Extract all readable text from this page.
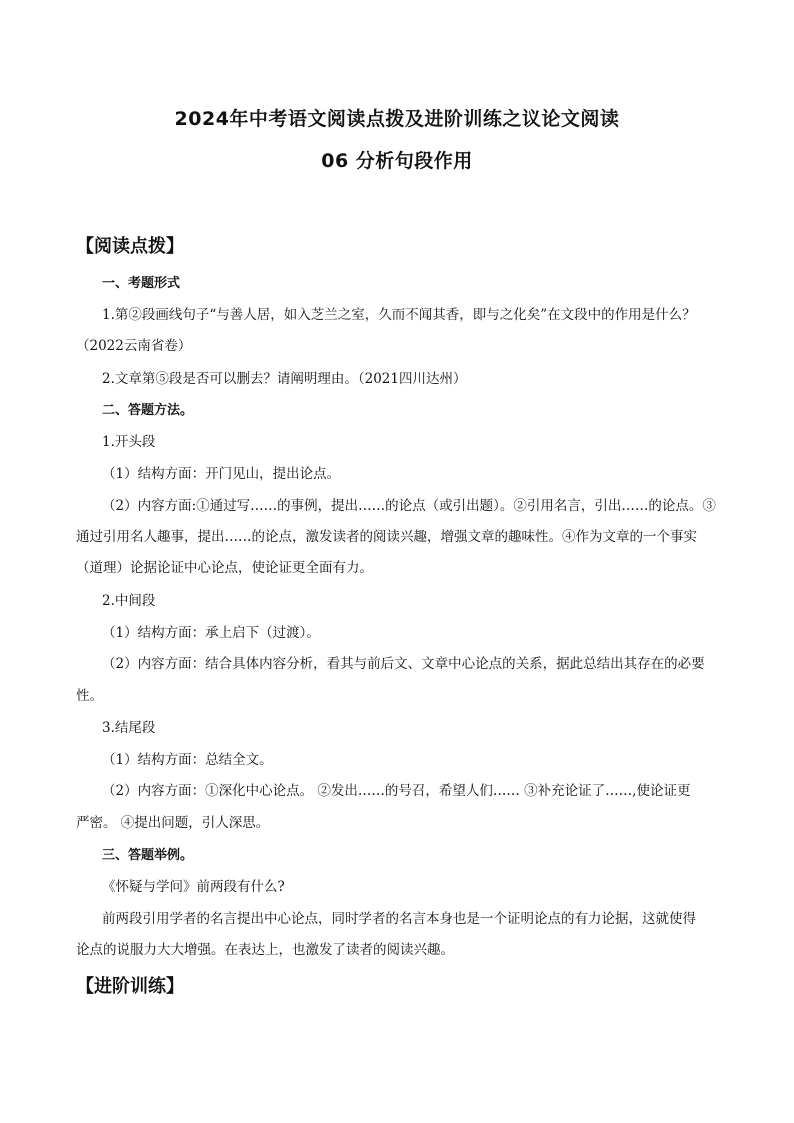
2024年中考语文阅读点拨及进阶训练之议论文阅读
06 分析句段作用
【阅读点拨】
一、考题形式
1.第②段画线句子“与善人居，如入芝兰之室，久而不闻其香，即与之化矣”在文段中的作用是什么？
（2022云南省卷）
2.文章第⑤段是否可以删去？请阐明理由。（2021四川达州）
二、答题方法。
1.开头段
（1）结构方面：开门见山，提出论点。
（2）内容方面:①通过写……的事例，提出……的论点（或引出题）。②引用名言，引出……的论点。③
通过引用名人趣事，提出……的论点，激发读者的阅读兴趣，增强文章的趣味性。④作为文章的一个事实
（道理）论据论证中心论点，使论证更全面有力。
2.中间段
（1）结构方面：承上启下（过渡）。
（2）内容方面：结合具体内容分析，看其与前后文、文章中心论点的关系，据此总结出其存在的必要
性。
3.结尾段
（1）结构方面：总结全文。
（2）内容方面：①深化中心论点。 ②发出……的号召，希望人们…… ③补充论证了……,使论证更
严密。 ④提出问题，引人深思。
三、答题举例。
《怀疑与学问》前两段有什么?
前两段引用学者的名言提出中心论点，同时学者的名言本身也是一个证明论点的有力论据，这就使得
论点的说服力大大增强。在表达上，也激发了读者的阅读兴趣。
【进阶训练】
